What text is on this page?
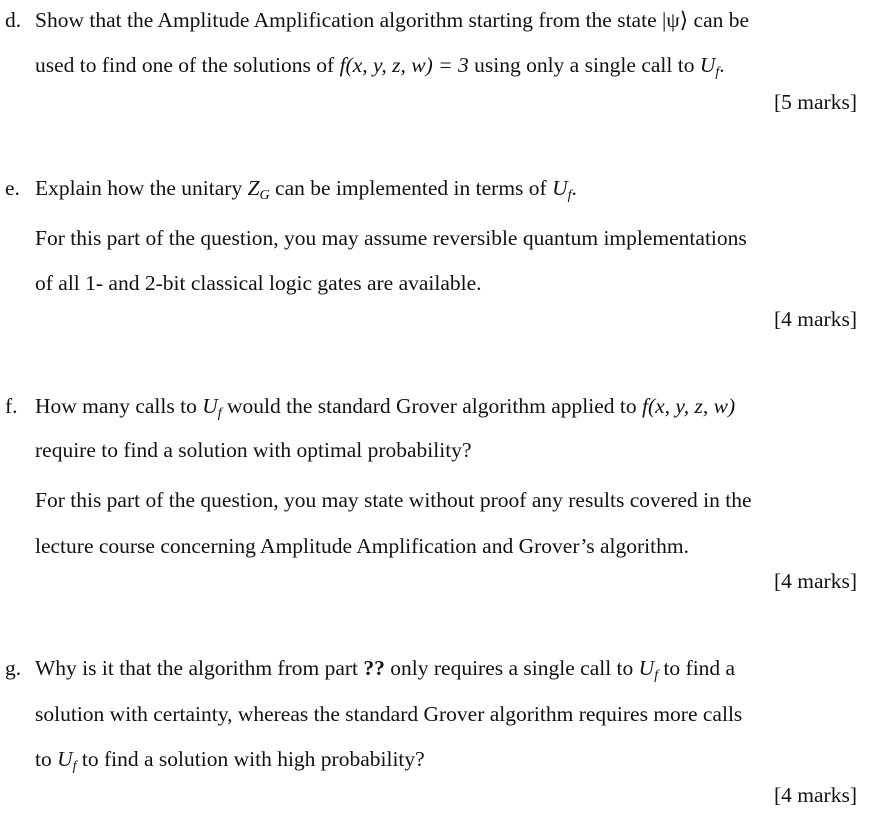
d. Show that the Amplitude Amplification algorithm starting from the state |ψ⟩ can be
used to find one of the solutions of f(x, y, z, w) = 3 using only a single call to $U_f$.
[5 marks]
e. Explain how the unitary $Z_G$ can be implemented in terms of $U_f$.
For this part of the question, you may assume reversible quantum implementations
of all 1- and 2-bit classical logic gates are available.
[4 marks]
f. How many calls to $U_f$ would the standard Grover algorithm applied to f(x, y, z, w)
require to find a solution with optimal probability?
For this part of the question, you may state without proof any results covered in the
lecture course concerning Amplitude Amplification and Grover’s algorithm.
[4 marks]
g. Why is it that the algorithm from part ?? only requires a single call to $U_f$ to find a
solution with certainty, whereas the standard Grover algorithm requires more calls
to $U_f$ to find a solution with high probability?
[4 marks]
